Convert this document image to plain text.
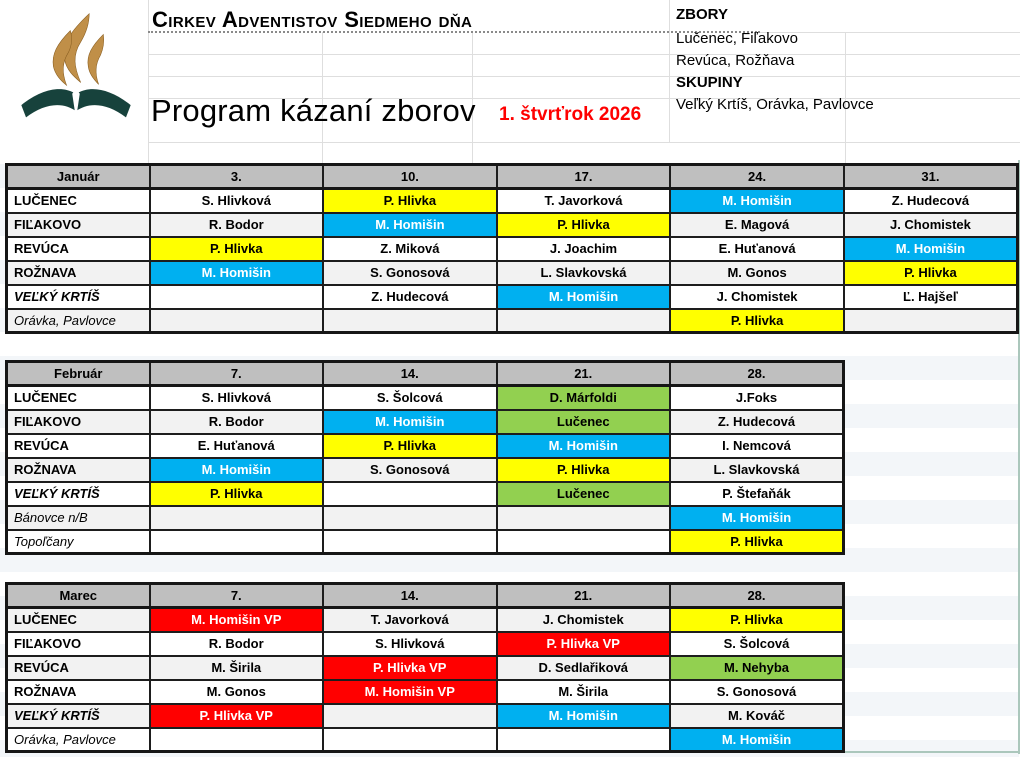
Cirkev Adventistov Siedmeho dňa
Program kázaní zborov 1. štvrťrok 2026
ZBORY
Lučenec, Fiľakovo
Revúca, Rožňava
SKUPINY
Veľký Krtíš, Orávka, Pavlovce
Január	3.	10.	17.	24.	31.
LUČENEC	S. Hlivková	P. Hlivka	T. Javorková	M. Homišin	Z. Hudecová
FIĽAKOVO	R. Bodor	M. Homišin	P. Hlivka	E. Magová	J. Chomistek
REVÚCA	P. Hlivka	Z. Miková	J. Joachim	E. Huťanová	M. Homišin
ROŽNAVA	M. Homišin	S. Gonosová	L. Slavkovská	M. Gonos	P. Hlivka
VEĽKÝ KRTÍŠ		Z. Hudecová	M. Homišin	J. Chomistek	Ľ. Hajšeľ
Orávka, Pavlovce				P. Hlivka	
Február	7.	14.	21.	28.
LUČENEC	S. Hlivková	S. Šolcová	D. Márfoldi	J.Foks
FIĽAKOVO	R. Bodor	M. Homišin	Lučenec	Z. Hudecová
REVÚCA	E. Huťanová	P. Hlivka	M. Homišin	I. Nemcová
ROŽNAVA	M. Homišin	S. Gonosová	P. Hlivka	L. Slavkovská
VEĽKÝ KRTÍŠ	P. Hlivka		Lučenec	P. Štefaňák
Bánovce n/B				M. Homišin
Topoľčany				P. Hlivka
Marec	7.	14.	21.	28.
LUČENEC	M. Homišin VP	T. Javorková	J. Chomistek	P. Hlivka
FIĽAKOVO	R. Bodor	S. Hlivková	P. Hlivka VP	S. Šolcová
REVÚCA	M. Širila	P. Hlivka VP	D. Sedlařiková	M. Nehyba
ROŽNAVA	M. Gonos	M. Homišin VP	M. Širila	S. Gonosová
VEĽKÝ KRTÍŠ	P. Hlivka VP		M. Homišin	M. Kováč
Orávka, Pavlovce				M. Homišin
